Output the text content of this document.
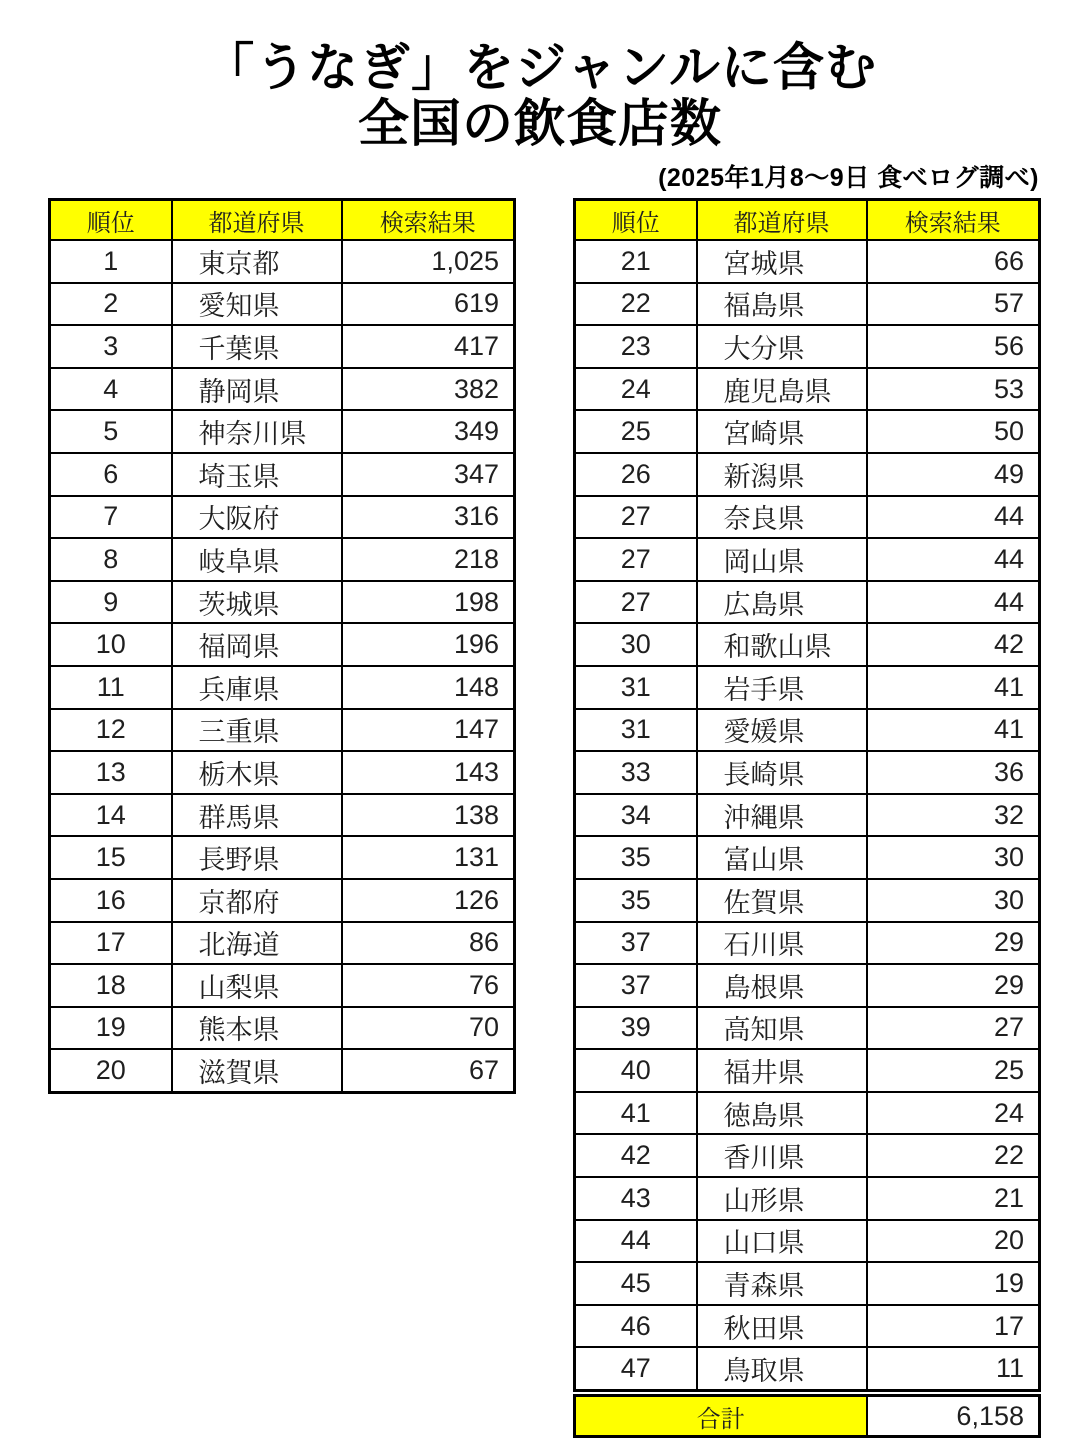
「うなぎ」をジャンルに含む
全国の飲食店数
(2025年1月8～9日 食べログ調べ)
順位	都道府県	検索結果
1	東京都	1,025
2	愛知県	619
3	千葉県	417
4	静岡県	382
5	神奈川県	349
6	埼玉県	347
7	大阪府	316
8	岐阜県	218
9	茨城県	198
10	福岡県	196
11	兵庫県	148
12	三重県	147
13	栃木県	143
14	群馬県	138
15	長野県	131
16	京都府	126
17	北海道	86
18	山梨県	76
19	熊本県	70
20	滋賀県	67
順位	都道府県	検索結果
21	宮城県	66
22	福島県	57
23	大分県	56
24	鹿児島県	53
25	宮崎県	50
26	新潟県	49
27	奈良県	44
27	岡山県	44
27	広島県	44
30	和歌山県	42
31	岩手県	41
31	愛媛県	41
33	長崎県	36
34	沖縄県	32
35	富山県	30
35	佐賀県	30
37	石川県	29
37	島根県	29
39	高知県	27
40	福井県	25
41	徳島県	24
42	香川県	22
43	山形県	21
44	山口県	20
45	青森県	19
46	秋田県	17
47	鳥取県	11
合計	6,158
